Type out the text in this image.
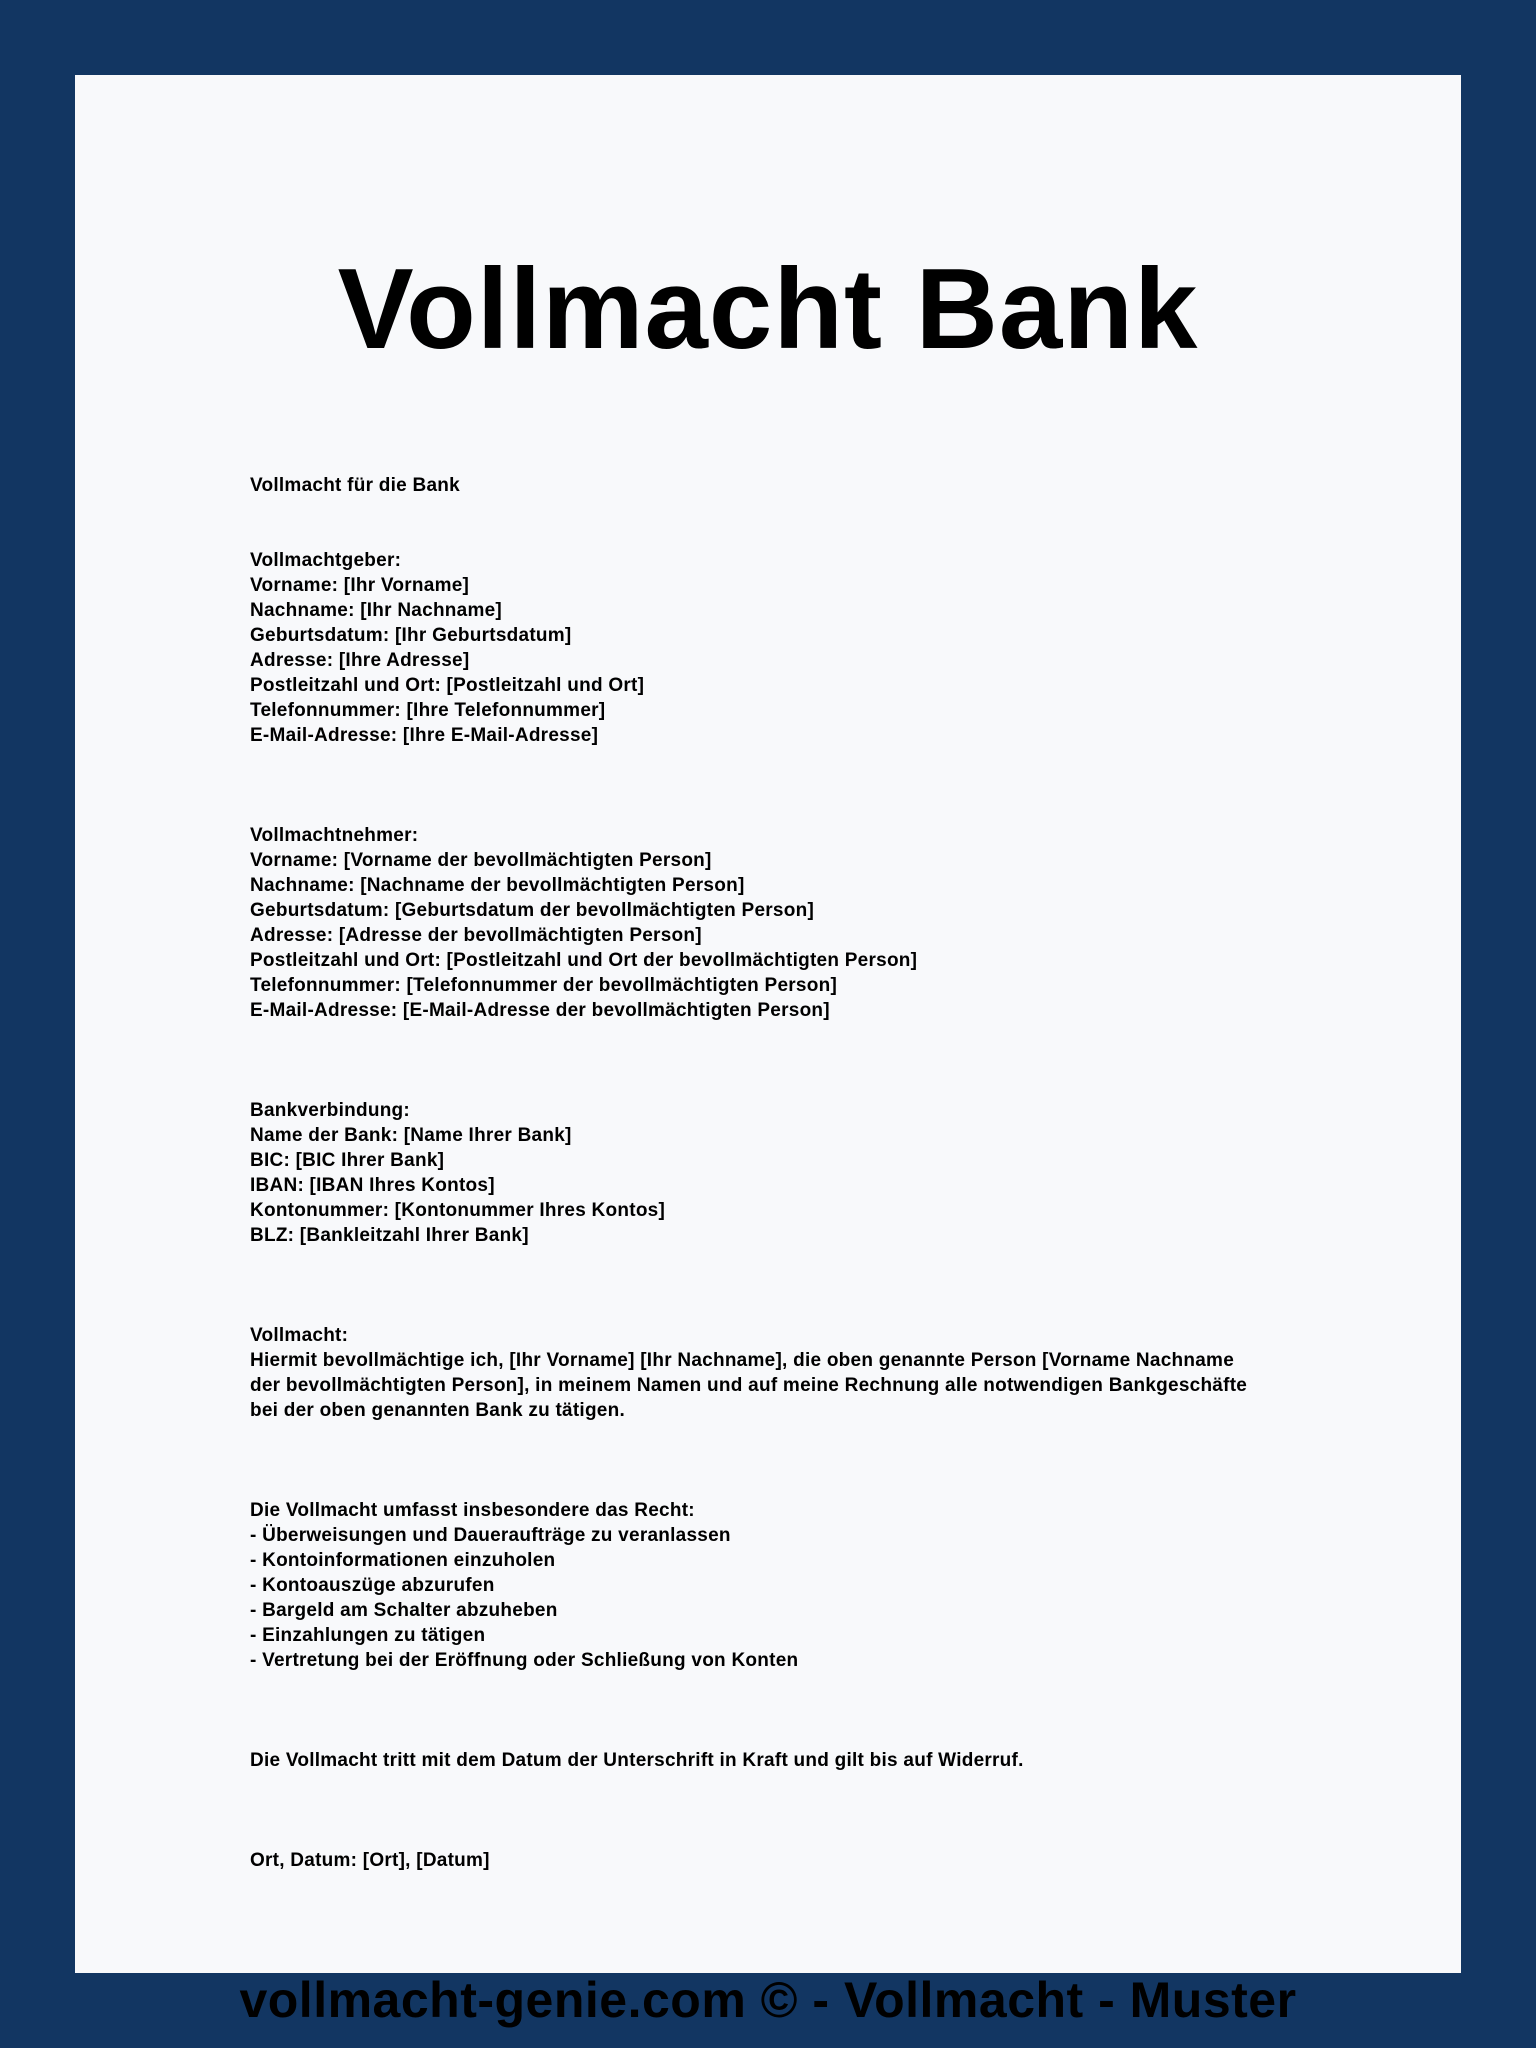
Vollmacht Bank
Vollmacht für die Bank
Vollmachtgeber:
Vorname: [Ihr Vorname]
Nachname: [Ihr Nachname]
Geburtsdatum: [Ihr Geburtsdatum]
Adresse: [Ihre Adresse]
Postleitzahl und Ort: [Postleitzahl und Ort]
Telefonnummer: [Ihre Telefonnummer]
E-Mail-Adresse: [Ihre E-Mail-Adresse]
Vollmachtnehmer:
Vorname: [Vorname der bevollmächtigten Person]
Nachname: [Nachname der bevollmächtigten Person]
Geburtsdatum: [Geburtsdatum der bevollmächtigten Person]
Adresse: [Adresse der bevollmächtigten Person]
Postleitzahl und Ort: [Postleitzahl und Ort der bevollmächtigten Person]
Telefonnummer: [Telefonnummer der bevollmächtigten Person]
E-Mail-Adresse: [E-Mail-Adresse der bevollmächtigten Person]
Bankverbindung:
Name der Bank: [Name Ihrer Bank]
BIC: [BIC Ihrer Bank]
IBAN: [IBAN Ihres Kontos]
Kontonummer: [Kontonummer Ihres Kontos]
BLZ: [Bankleitzahl Ihrer Bank]
Vollmacht:
Hiermit bevollmächtige ich, [Ihr Vorname] [Ihr Nachname], die oben genannte Person [Vorname Nachname
der bevollmächtigten Person], in meinem Namen und auf meine Rechnung alle notwendigen Bankgeschäfte
bei der oben genannten Bank zu tätigen.
Die Vollmacht umfasst insbesondere das Recht:
- Überweisungen und Daueraufträge zu veranlassen
- Kontoinformationen einzuholen
- Kontoauszüge abzurufen
- Bargeld am Schalter abzuheben
- Einzahlungen zu tätigen
- Vertretung bei der Eröffnung oder Schließung von Konten
Die Vollmacht tritt mit dem Datum der Unterschrift in Kraft und gilt bis auf Widerruf.
Ort, Datum: [Ort], [Datum]
vollmacht-genie.com © - Vollmacht - Muster
